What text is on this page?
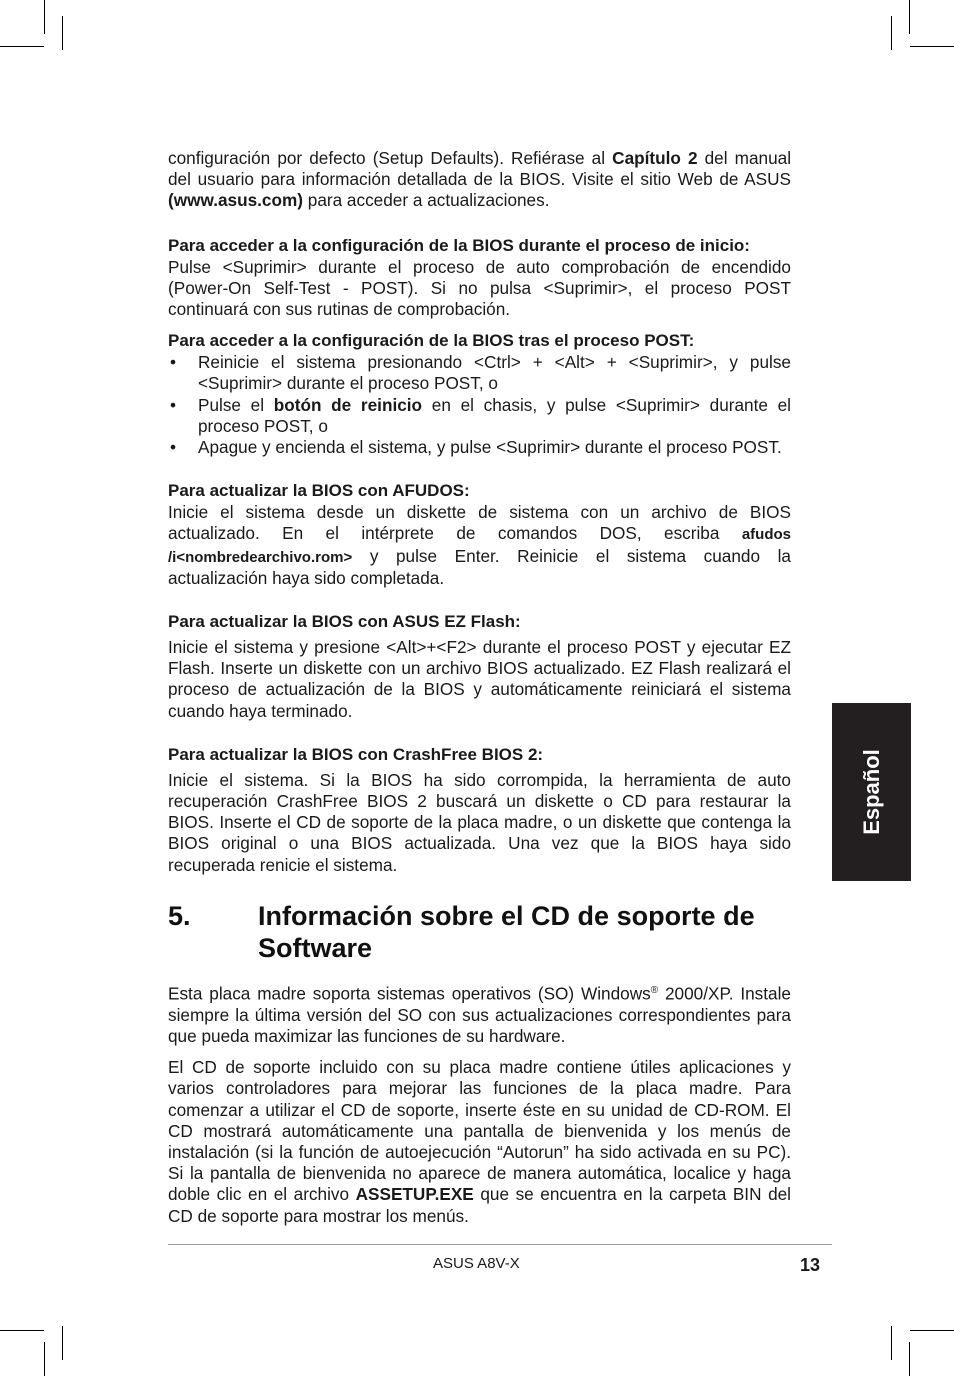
configuración por defecto (Setup Defaults). Refiérase al Capítulo 2 del manual del usuario para información detallada de la BIOS. Visite el sitio Web de ASUS (www.asus.com) para acceder a actualizaciones.

Para acceder a la configuración de la BIOS durante el proceso de inicio:

Pulse <Suprimir> durante el proceso de auto comprobación de encendido (Power-On Self-Test - POST). Si no pulsa <Suprimir>, el proceso POST continuará con sus rutinas de comprobación.

Para acceder a la configuración de la BIOS tras el proceso POST:

• Reinicie el sistema presionando <Ctrl> + <Alt> + <Suprimir>, y pulse <Suprimir> durante el proceso POST, o
• Pulse el botón de reinicio en el chasis, y pulse <Suprimir> durante el proceso POST, o
• Apague y encienda el sistema, y pulse <Suprimir> durante el proceso POST.

Para actualizar la BIOS con AFUDOS:

Inicie el sistema desde un diskette de sistema con un archivo de BIOS actualizado. En el intérprete de comandos DOS, escriba afudos /i<nombredearchivo.rom> y pulse Enter. Reinicie el sistema cuando la actualización haya sido completada.

Para actualizar la BIOS con ASUS EZ Flash:

Inicie el sistema y presione <Alt>+<F2> durante el proceso POST y ejecutar EZ Flash. Inserte un diskette con un archivo BIOS actualizado. EZ Flash realizará el proceso de actualización de la BIOS y automáticamente reiniciará el sistema cuando haya terminado.

Para actualizar la BIOS con CrashFree BIOS 2:

Inicie el sistema. Si la BIOS ha sido corrompida, la herramienta de auto recuperación CrashFree BIOS 2 buscará un diskette o CD para restaurar la BIOS. Inserte el CD de soporte de la placa madre, o un diskette que contenga la BIOS original o una BIOS actualizada. Una vez que la BIOS haya sido recuperada renicie el sistema.

5.	Información sobre el CD de soporte de Software

Esta placa madre soporta sistemas operativos (SO) Windows® 2000/XP. Instale siempre la última versión del SO con sus actualizaciones correspondientes para que pueda maximizar las funciones de su hardware.

El CD de soporte incluido con su placa madre contiene útiles aplicaciones y varios controladores para mejorar las funciones de la placa madre. Para comenzar a utilizar el CD de soporte, inserte éste en su unidad de CD-ROM. El CD mostrará automáticamente una pantalla de bienvenida y los menús de instalación (si la función de autoejecución “Autorun” ha sido activada en su PC). Si la pantalla de bienvenida no aparece de manera automática, localice y haga doble clic en el archivo ASSETUP.EXE que se encuentra en la carpeta BIN del CD de soporte para mostrar los menús.

Español
ASUS A8V-X	13
